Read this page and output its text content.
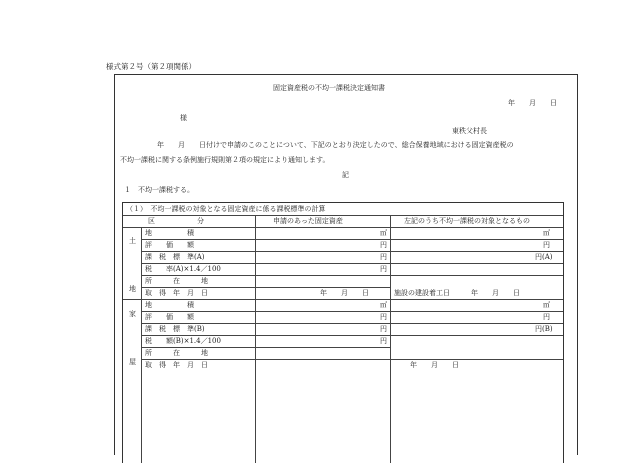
様式第２号（第２項関係）
固定資産税の不均一課税決定通知書
年　　月　　日
様
東秩父村長
年　　月　　日付けで申請のこのことについて、下記のとおり決定したので、総合保養地域における固定資産税の
不均一課税に関する条例施行規則第２項の規定により通知します。
記
１　不均一課税する。
（１）　不均一課税の対象となる固定資産に係る課税標準の計算
区　　　　　　分	申請のあった固定資産	左記のうち不均一課税の対象となるもの
土
地
家
屋
地　　　　　積
評　　価　　額
課　税　標　準(A)
税　　率(A)×1.4／100
所　　　在　　　地
取　得　年　月　日
㎡
円
円
円
年　　月　　日
㎡
円
円(A)
施設の建設着工日　　　年　　月　　日
地　　　　　積
評　　価　　額
課　税　標　準(B)
税　　額(B)×1.4／100
所　　　在　　　地
取　得　年　月　日
㎡
円
円
円
㎡
円
円(B)
年　　月　　日
